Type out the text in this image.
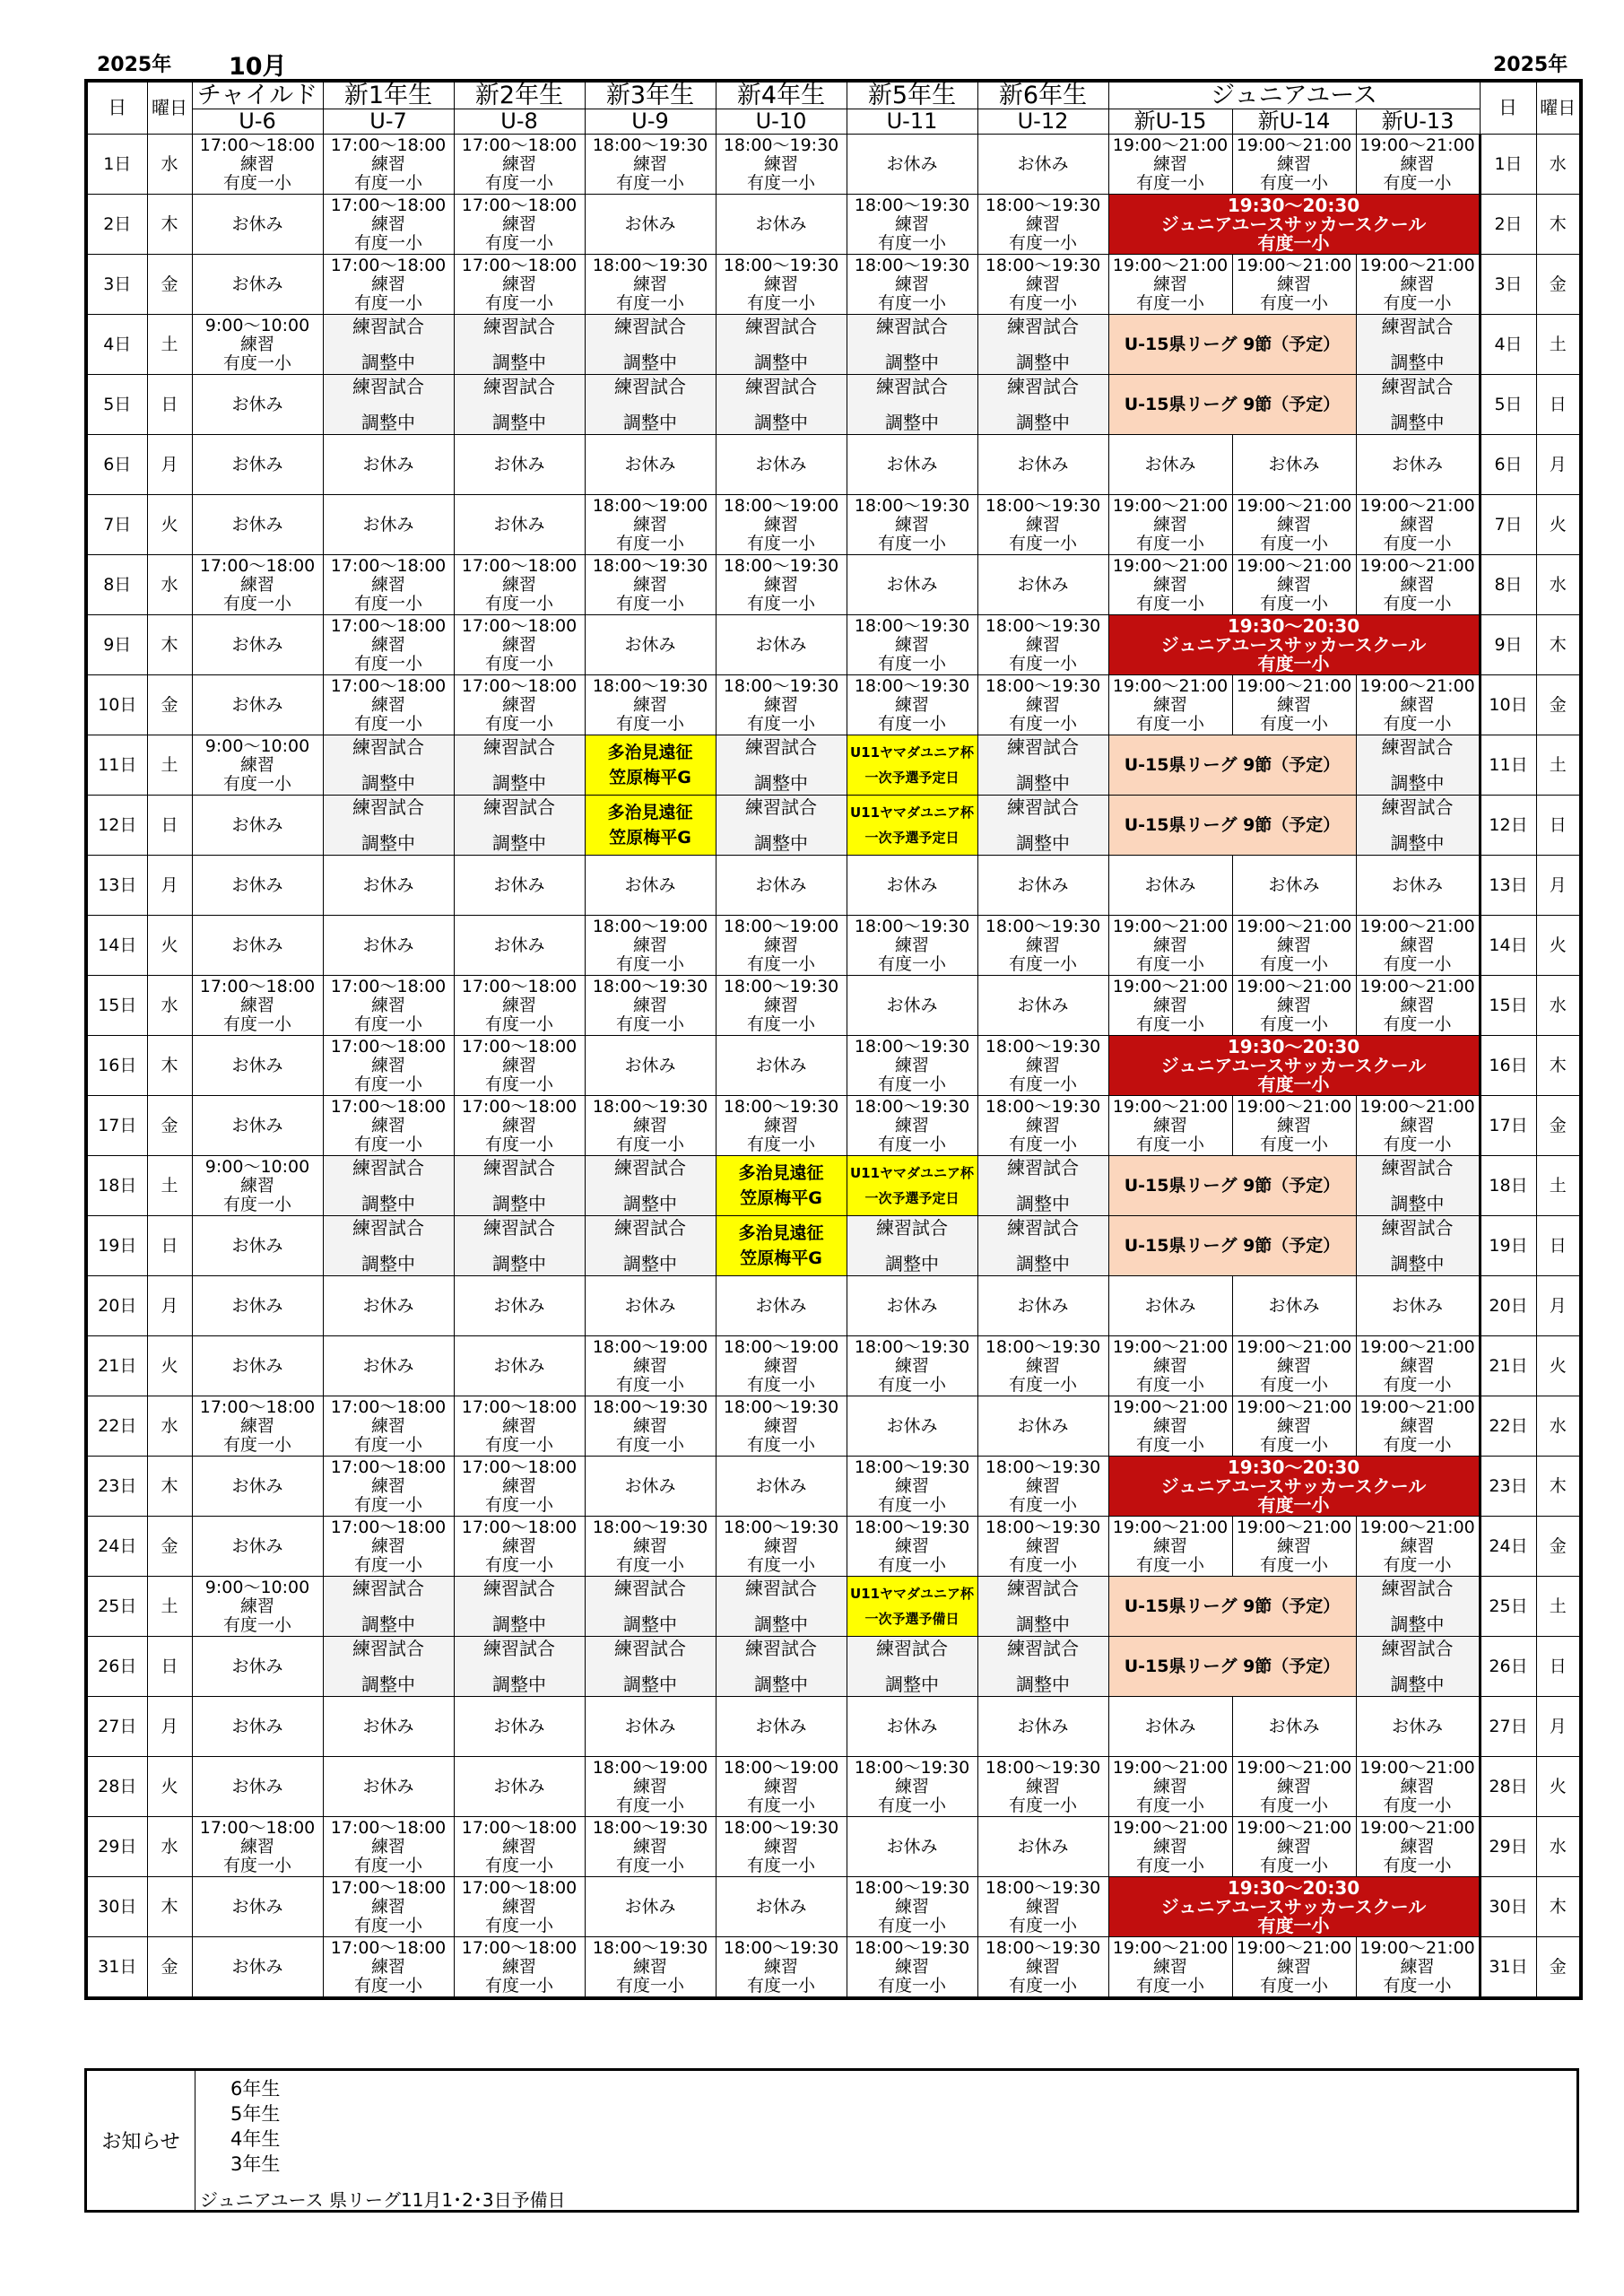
2025年 10月	2025年
日	曜日	チャイルド	新1年生	新2年生	新3年生	新4年生	新5年生	新6年生	ジュニアユース			日	曜日
		U-6	U-7	U-8	U-9	U-10	U-11	U-12	新U-15	新U-14	新U-13		
1日	水	17:00～18:00
練習
有度一小	17:00～18:00
練習
有度一小	17:00～18:00
練習
有度一小	18:00～19:30
練習
有度一小	18:00～19:30
練習
有度一小	お休み	お休み	19:00～21:00
練習
有度一小	19:00～21:00
練習
有度一小	19:00～21:00
練習
有度一小	1日	水
2日	木	お休み	17:00～18:00
練習
有度一小	17:00～18:00
練習
有度一小	お休み	お休み	18:00～19:30
練習
有度一小	18:00～19:30
練習
有度一小	19:30～20:30
ジュニアユースサッカースクール
有度一小			2日	木
3日	金	お休み	17:00～18:00
練習
有度一小	17:00～18:00
練習
有度一小	18:00～19:30
練習
有度一小	18:00～19:30
練習
有度一小	18:00～19:30
練習
有度一小	18:00～19:30
練習
有度一小	19:00～21:00
練習
有度一小	19:00～21:00
練習
有度一小	19:00～21:00
練習
有度一小	3日	金
4日	土	9:00～10:00
練習
有度一小	練習試合
調整中	練習試合
調整中	練習試合
調整中	練習試合
調整中	練習試合
調整中	練習試合
調整中	U-15県リーグ 9節（予定）		練習試合
調整中	4日	土
5日	日	お休み	練習試合
調整中	練習試合
調整中	練習試合
調整中	練習試合
調整中	練習試合
調整中	練習試合
調整中	U-15県リーグ 9節（予定）		練習試合
調整中	5日	日
6日	月	お休み	お休み	お休み	お休み	お休み	お休み	お休み	お休み	お休み	お休み	6日	月
7日	火	お休み	お休み	お休み	18:00～19:00
練習
有度一小	18:00～19:00
練習
有度一小	18:00～19:30
練習
有度一小	18:00～19:30
練習
有度一小	19:00～21:00
練習
有度一小	19:00～21:00
練習
有度一小	19:00～21:00
練習
有度一小	7日	火
8日	水	17:00～18:00
練習
有度一小	17:00～18:00
練習
有度一小	17:00～18:00
練習
有度一小	18:00～19:30
練習
有度一小	18:00～19:30
練習
有度一小	お休み	お休み	19:00～21:00
練習
有度一小	19:00～21:00
練習
有度一小	19:00～21:00
練習
有度一小	8日	水
9日	木	お休み	17:00～18:00
練習
有度一小	17:00～18:00
練習
有度一小	お休み	お休み	18:00～19:30
練習
有度一小	18:00～19:30
練習
有度一小	19:30～20:30
ジュニアユースサッカースクール
有度一小			9日	木
10日	金	お休み	17:00～18:00
練習
有度一小	17:00～18:00
練習
有度一小	18:00～19:30
練習
有度一小	18:00～19:30
練習
有度一小	18:00～19:30
練習
有度一小	18:00～19:30
練習
有度一小	19:00～21:00
練習
有度一小	19:00～21:00
練習
有度一小	19:00～21:00
練習
有度一小	10日	金
11日	土	9:00～10:00
練習
有度一小	練習試合
調整中	練習試合
調整中	多治見遠征
笠原梅平G	練習試合
調整中	U11ヤマダユニア杯
一次予選予定日	練習試合
調整中	U-15県リーグ 9節（予定）		練習試合
調整中	11日	土
12日	日	お休み	練習試合
調整中	練習試合
調整中	多治見遠征
笠原梅平G	練習試合
調整中	U11ヤマダユニア杯
一次予選予定日	練習試合
調整中	U-15県リーグ 9節（予定）		練習試合
調整中	12日	日
13日	月	お休み	お休み	お休み	お休み	お休み	お休み	お休み	お休み	お休み	お休み	13日	月
14日	火	お休み	お休み	お休み	18:00～19:00
練習
有度一小	18:00～19:00
練習
有度一小	18:00～19:30
練習
有度一小	18:00～19:30
練習
有度一小	19:00～21:00
練習
有度一小	19:00～21:00
練習
有度一小	19:00～21:00
練習
有度一小	14日	火
15日	水	17:00～18:00
練習
有度一小	17:00～18:00
練習
有度一小	17:00～18:00
練習
有度一小	18:00～19:30
練習
有度一小	18:00～19:30
練習
有度一小	お休み	お休み	19:00～21:00
練習
有度一小	19:00～21:00
練習
有度一小	19:00～21:00
練習
有度一小	15日	水
16日	木	お休み	17:00～18:00
練習
有度一小	17:00～18:00
練習
有度一小	お休み	お休み	18:00～19:30
練習
有度一小	18:00～19:30
練習
有度一小	19:30～20:30
ジュニアユースサッカースクール
有度一小			16日	木
17日	金	お休み	17:00～18:00
練習
有度一小	17:00～18:00
練習
有度一小	18:00～19:30
練習
有度一小	18:00～19:30
練習
有度一小	18:00～19:30
練習
有度一小	18:00～19:30
練習
有度一小	19:00～21:00
練習
有度一小	19:00～21:00
練習
有度一小	19:00～21:00
練習
有度一小	17日	金
18日	土	9:00～10:00
練習
有度一小	練習試合
調整中	練習試合
調整中	練習試合
調整中	多治見遠征
笠原梅平G	U11ヤマダユニア杯
一次予選予定日	練習試合
調整中	U-15県リーグ 9節（予定）		練習試合
調整中	18日	土
19日	日	お休み	練習試合
調整中	練習試合
調整中	練習試合
調整中	多治見遠征
笠原梅平G	練習試合
調整中	練習試合
調整中	U-15県リーグ 9節（予定）		練習試合
調整中	19日	日
20日	月	お休み	お休み	お休み	お休み	お休み	お休み	お休み	お休み	お休み	お休み	20日	月
21日	火	お休み	お休み	お休み	18:00～19:00
練習
有度一小	18:00～19:00
練習
有度一小	18:00～19:30
練習
有度一小	18:00～19:30
練習
有度一小	19:00～21:00
練習
有度一小	19:00～21:00
練習
有度一小	19:00～21:00
練習
有度一小	21日	火
22日	水	17:00～18:00
練習
有度一小	17:00～18:00
練習
有度一小	17:00～18:00
練習
有度一小	18:00～19:30
練習
有度一小	18:00～19:30
練習
有度一小	お休み	お休み	19:00～21:00
練習
有度一小	19:00～21:00
練習
有度一小	19:00～21:00
練習
有度一小	22日	水
23日	木	お休み	17:00～18:00
練習
有度一小	17:00～18:00
練習
有度一小	お休み	お休み	18:00～19:30
練習
有度一小	18:00～19:30
練習
有度一小	19:30～20:30
ジュニアユースサッカースクール
有度一小			23日	木
24日	金	お休み	17:00～18:00
練習
有度一小	17:00～18:00
練習
有度一小	18:00～19:30
練習
有度一小	18:00～19:30
練習
有度一小	18:00～19:30
練習
有度一小	18:00～19:30
練習
有度一小	19:00～21:00
練習
有度一小	19:00～21:00
練習
有度一小	19:00～21:00
練習
有度一小	24日	金
25日	土	9:00～10:00
練習
有度一小	練習試合
調整中	練習試合
調整中	練習試合
調整中	練習試合
調整中	U11ヤマダユニア杯
一次予選予備日	練習試合
調整中	U-15県リーグ 9節（予定）		練習試合
調整中	25日	土
26日	日	お休み	練習試合
調整中	練習試合
調整中	練習試合
調整中	練習試合
調整中	練習試合
調整中	練習試合
調整中	U-15県リーグ 9節（予定）		練習試合
調整中	26日	日
27日	月	お休み	お休み	お休み	お休み	お休み	お休み	お休み	お休み	お休み	お休み	27日	月
28日	火	お休み	お休み	お休み	18:00～19:00
練習
有度一小	18:00～19:00
練習
有度一小	18:00～19:30
練習
有度一小	18:00～19:30
練習
有度一小	19:00～21:00
練習
有度一小	19:00～21:00
練習
有度一小	19:00～21:00
練習
有度一小	28日	火
29日	水	17:00～18:00
練習
有度一小	17:00～18:00
練習
有度一小	17:00～18:00
練習
有度一小	18:00～19:30
練習
有度一小	18:00～19:30
練習
有度一小	お休み	お休み	19:00～21:00
練習
有度一小	19:00～21:00
練習
有度一小	19:00～21:00
練習
有度一小	29日	水
30日	木	お休み	17:00～18:00
練習
有度一小	17:00～18:00
練習
有度一小	お休み	お休み	18:00～19:30
練習
有度一小	18:00～19:30
練習
有度一小	19:30～20:30
ジュニアユースサッカースクール
有度一小			30日	木
31日	金	お休み	17:00～18:00
練習
有度一小	17:00～18:00
練習
有度一小	18:00～19:30
練習
有度一小	18:00～19:30
練習
有度一小	18:00～19:30
練習
有度一小	18:00～19:30
練習
有度一小	19:00～21:00
練習
有度一小	19:00～21:00
練習
有度一小	19:00～21:00
練習
有度一小	31日	金
お知らせ
6年生
5年生
4年生
3年生
ジュニアユース 県リーグ11月1･2･3日予備日
